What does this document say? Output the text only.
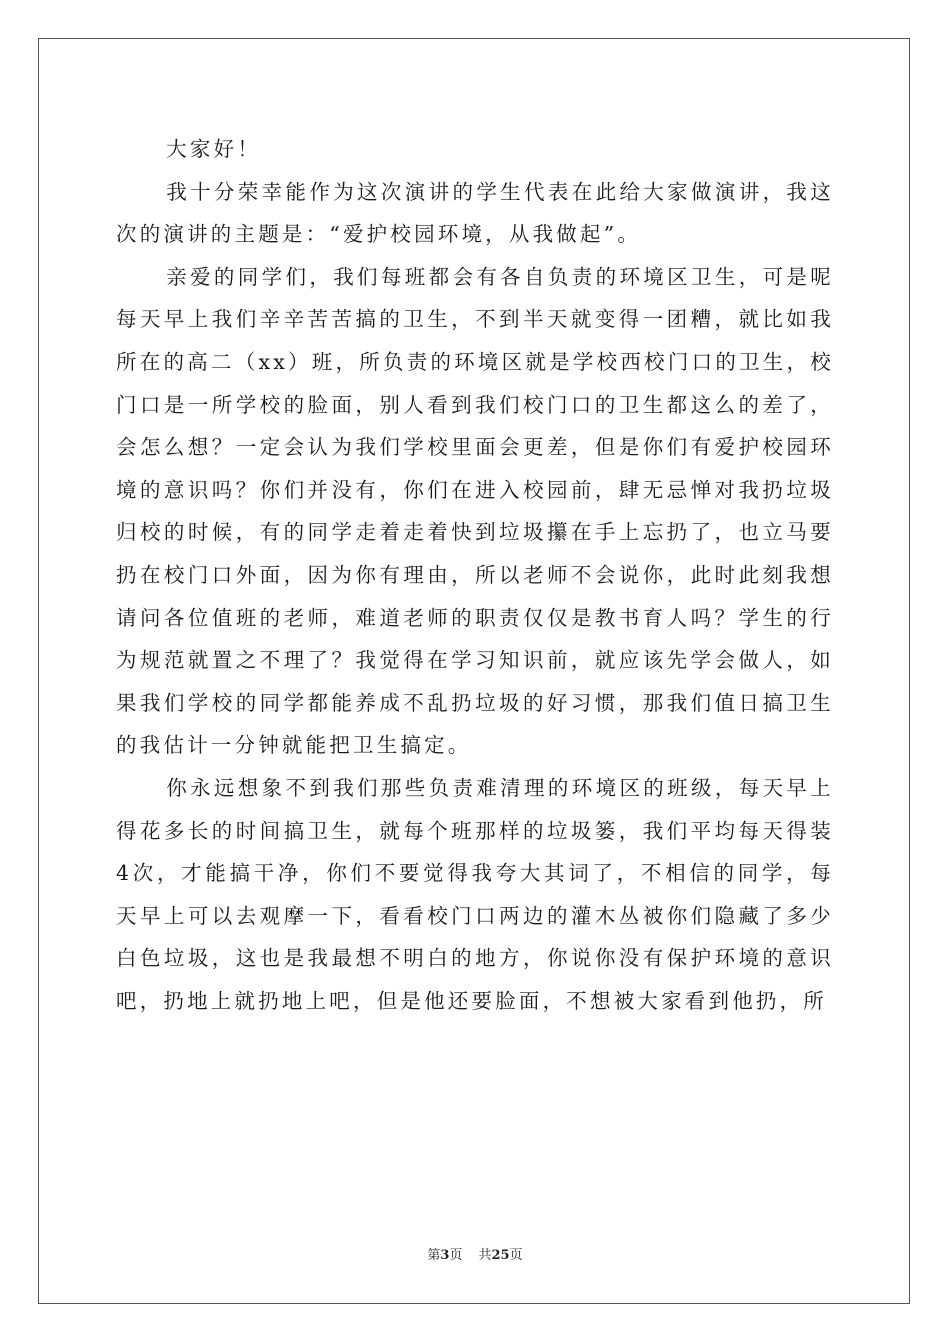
大家好！

我十分荣幸能作为这次演讲的学生代表在此给大家做演讲，我这次的演讲的主题是：“爱护校园环境，从我做起”。

亲爱的同学们，我们每班都会有各自负责的环境区卫生，可是呢每天早上我们辛辛苦苦搞的卫生，不到半天就变得一团糟，就比如我所在的高二（xx）班，所负责的环境区就是学校西校门口的卫生，校门口是一所学校的脸面，别人看到我们校门口的卫生都这么的差了，会怎么想？一定会认为我们学校里面会更差，但是你们有爱护校园环境的意识吗？你们并没有，你们在进入校园前，肆无忌惮对我扔垃圾归校的时候，有的同学走着走着快到垃圾攥在手上忘扔了，也立马要扔在校门口外面，因为你有理由，所以老师不会说你，此时此刻我想请问各位值班的老师，难道老师的职责仅仅是教书育人吗？学生的行为规范就置之不理了？我觉得在学习知识前，就应该先学会做人，如果我们学校的同学都能养成不乱扔垃圾的好习惯，那我们值日搞卫生的我估计一分钟就能把卫生搞定。

你永远想象不到我们那些负责难清理的环境区的班级，每天早上得花多长的时间搞卫生，就每个班那样的垃圾篓，我们平均每天得装4次，才能搞干净，你们不要觉得我夸大其词了，不相信的同学，每天早上可以去观摩一下，看看校门口两边的灌木丛被你们隐藏了多少白色垃圾，这也是我最想不明白的地方，你说你没有保护环境的意识吧，扔地上就扔地上吧，但是他还要脸面，不想被大家看到他扔，所

第3页 共25页
